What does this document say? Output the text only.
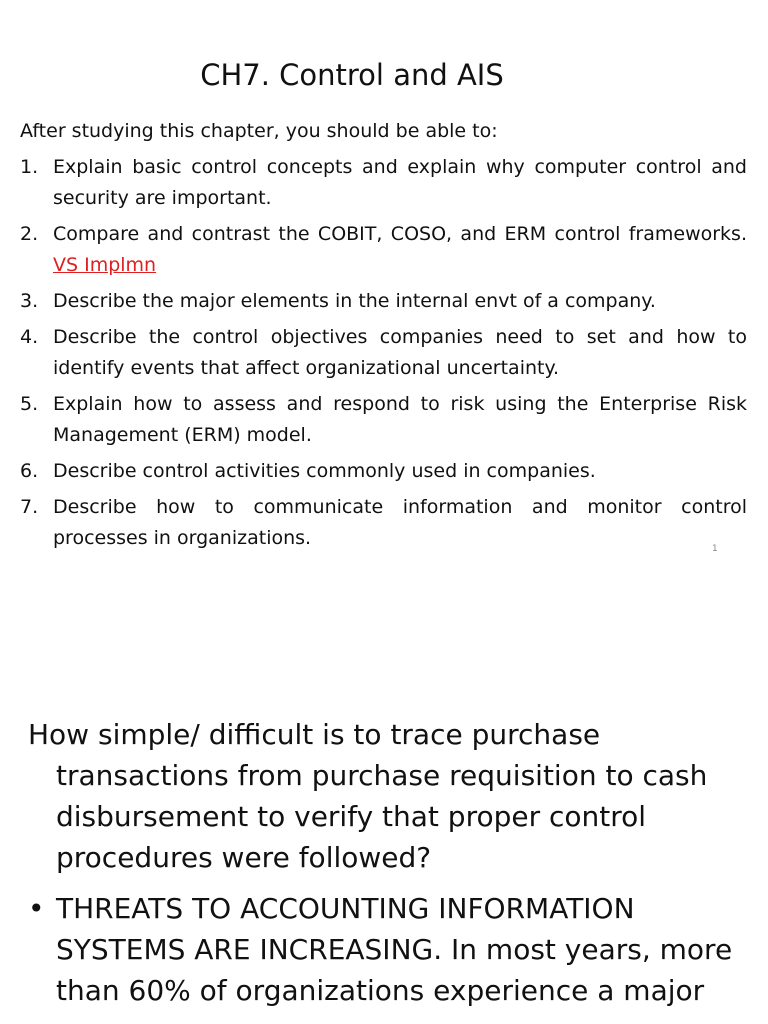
CH7. Control and AIS

After studying this chapter, you should be able to:

1. Explain basic control concepts and explain why computer control and security are important.
2. Compare and contrast the COBIT, COSO, and ERM control frameworks. VS Implmn
3. Describe the major elements in the internal envt of a company.
4. Describe the control objectives companies need to set and how to identify events that affect organizational uncertainty.
5. Explain how to assess and respond to risk using the Enterprise Risk Management (ERM) model.
6. Describe control activities commonly used in companies.
7. Describe how to communicate information and monitor control processes in organizations.	1

How simple/ difficult is to trace purchase transactions from purchase requisition to cash disbursement to verify that proper control procedures were followed?

• THREATS TO ACCOUNTING INFORMATION SYSTEMS ARE INCREASING. In most years, more than 60% of organizations experience a major
